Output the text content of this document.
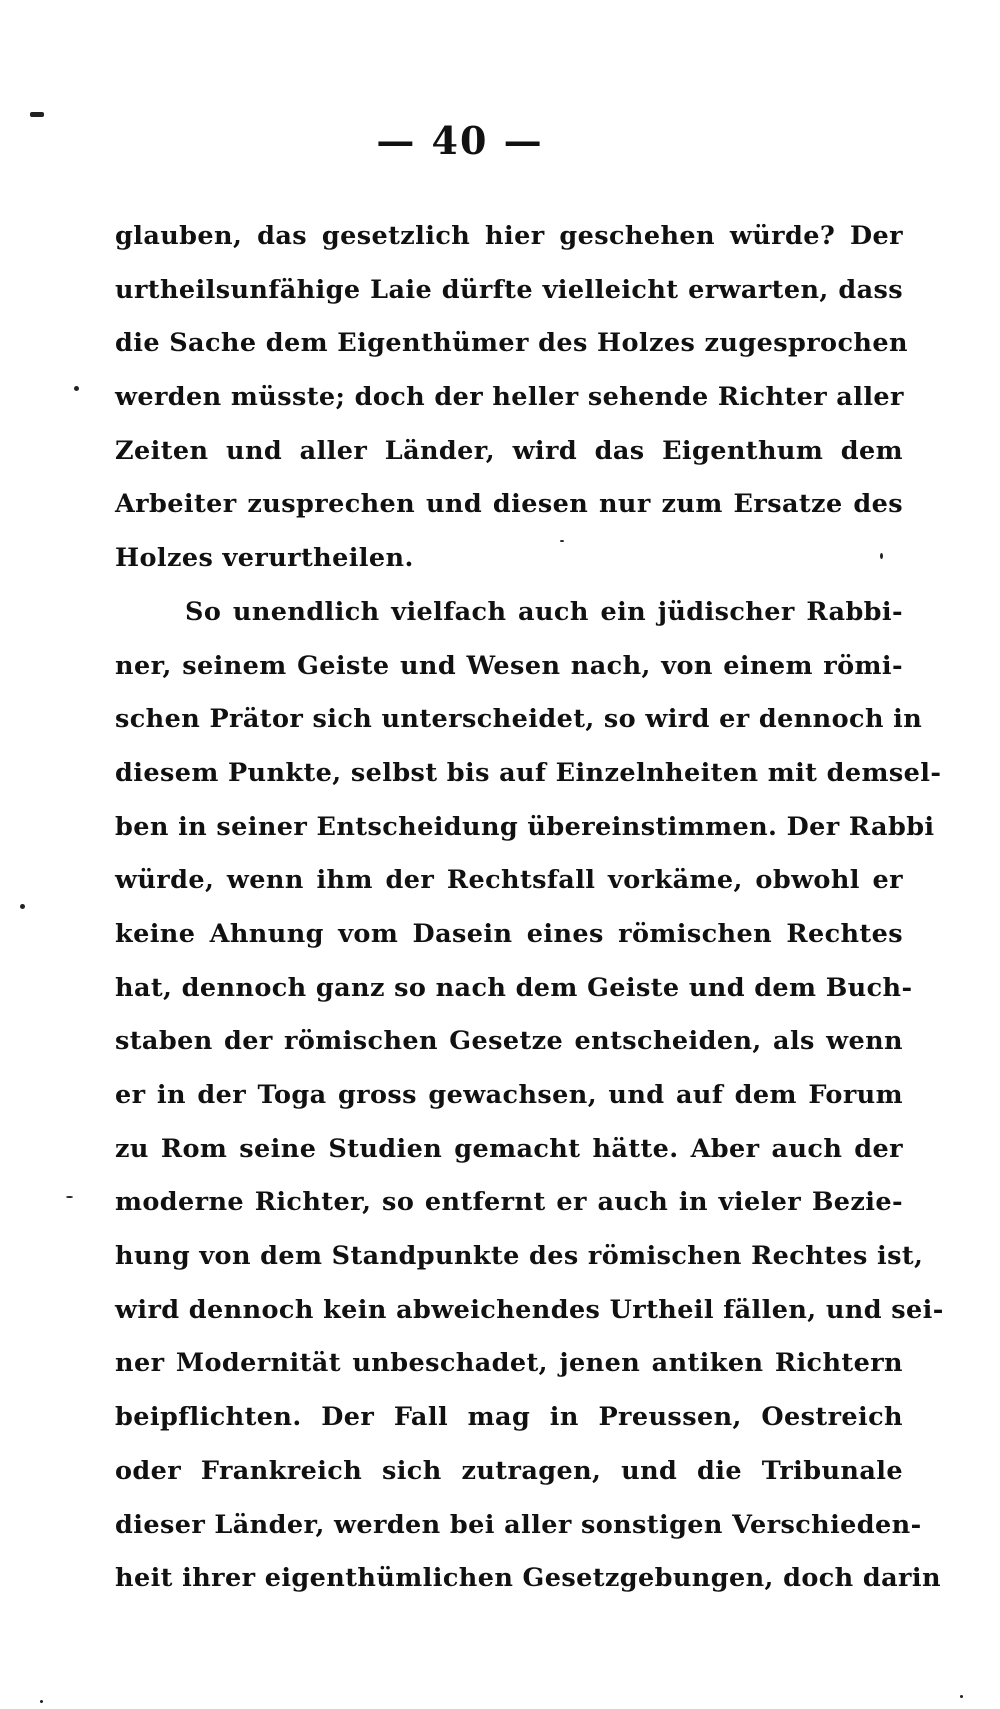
— 40 —
glauben, das gesetzlich hier geschehen würde? Der
urtheilsunfähige Laie dürfte vielleicht erwarten, dass
die Sache dem Eigenthümer des Holzes zugesprochen
werden müsste; doch der heller sehende Richter aller
Zeiten und aller Länder, wird das Eigenthum dem
Arbeiter zusprechen und diesen nur zum Ersatze des
Holzes verurtheilen.
So unendlich vielfach auch ein jüdischer Rabbi-
ner, seinem Geiste und Wesen nach, von einem römi-
schen Prätor sich unterscheidet, so wird er dennoch in
diesem Punkte, selbst bis auf Einzelnheiten mit demsel-
ben in seiner Entscheidung übereinstimmen. Der Rabbi
würde, wenn ihm der Rechtsfall vorkäme, obwohl er
keine Ahnung vom Dasein eines römischen Rechtes
hat, dennoch ganz so nach dem Geiste und dem Buch-
staben der römischen Gesetze entscheiden, als wenn
er in der Toga gross gewachsen, und auf dem Forum
zu Rom seine Studien gemacht hätte. Aber auch der
moderne Richter, so entfernt er auch in vieler Bezie-
hung von dem Standpunkte des römischen Rechtes ist,
wird dennoch kein abweichendes Urtheil fällen, und sei-
ner Modernität unbeschadet, jenen antiken Richtern
beipflichten. Der Fall mag in Preussen, Oestreich
oder Frankreich sich zutragen, und die Tribunale
dieser Länder, werden bei aller sonstigen Verschieden-
heit ihrer eigenthümlichen Gesetzgebungen, doch darin
